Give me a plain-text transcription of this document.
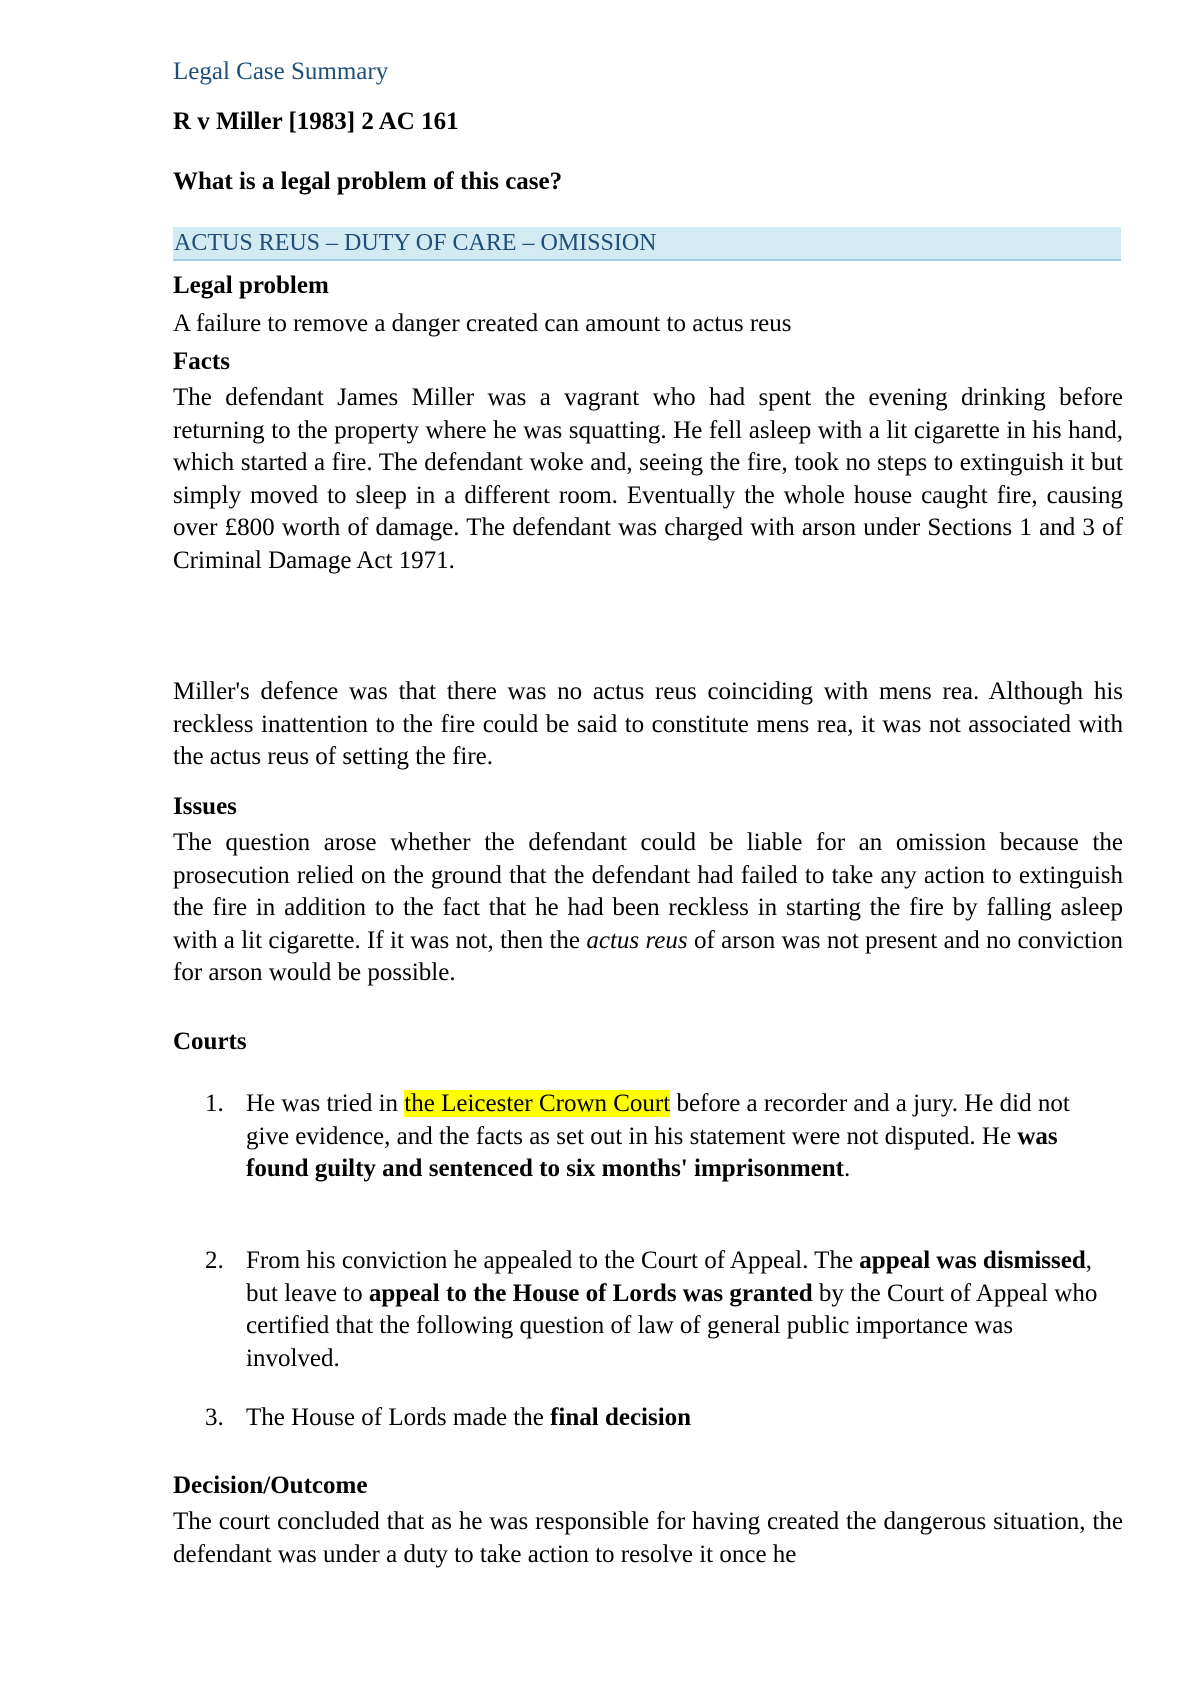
Legal Case Summary
R v Miller [1983] 2 AC 161
What is a legal problem of this case?
ACTUS REUS – DUTY OF CARE – OMISSION
Legal problem
A failure to remove a danger created can amount to actus reus
Facts
The defendant James Miller was a vagrant who had spent the evening drinking before returning to the property where he was squatting. He fell asleep with a lit cigarette in his hand, which started a fire. The defendant woke and, seeing the fire, took no steps to extinguish it but simply moved to sleep in a different room. Eventually the whole house caught fire, causing over £800 worth of damage. The defendant was charged with arson under Sections 1 and 3 of Criminal Damage Act 1971.
Miller's defence was that there was no actus reus coinciding with mens rea. Although his reckless inattention to the fire could be said to constitute mens rea, it was not associated with the actus reus of setting the fire.
Issues
The question arose whether the defendant could be liable for an omission because the prosecution relied on the ground that the defendant had failed to take any action to extinguish the fire in addition to the fact that he had been reckless in starting the fire by falling asleep with a lit cigarette. If it was not, then the actus reus of arson was not present and no conviction for arson would be possible.
Courts
1. He was tried in the Leicester Crown Court before a recorder and a jury. He did not give evidence, and the facts as set out in his statement were not disputed. He was found guilty and sentenced to six months' imprisonment.
2. From his conviction he appealed to the Court of Appeal. The appeal was dismissed, but leave to appeal to the House of Lords was granted by the Court of Appeal who certified that the following question of law of general public importance was involved.
3. The House of Lords made the final decision
Decision/Outcome
The court concluded that as he was responsible for having created the dangerous situation, the defendant was under a duty to take action to resolve it once he
